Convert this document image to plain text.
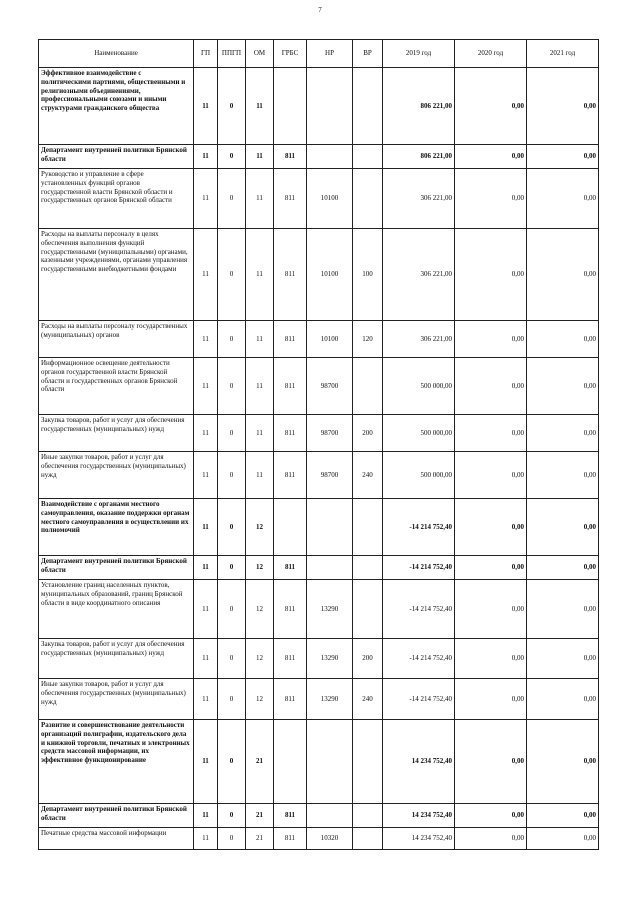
7
Наименование	ГП	ППГП	ОМ	ГРБС	НР	ВР	2019 год	2020 год	2021 год
Эффективное взаимодействие с политическими партиями, общественными и религиозными объединениями, профессиональными союзами и иными структурами гражданского общества	11	0	11				806 221,00	0,00	0,00
Департамент внутренней политики Брянской области	11	0	11	811			806 221,00	0,00	0,00
Руководство и управление в сфере установленных функций органов государственной власти Брянской области и государственных органов Брянской области	11	0	11	811	10100		306 221,00	0,00	0,00
Расходы на выплаты персоналу в целях обеспечения выполнения функций государственными (муниципальными) органами, казенными учреждениями, органами управления государственными внебюджетными фондами	11	0	11	811	10100	100	306 221,00	0,00	0,00
Расходы на выплаты персоналу государственных (муниципальных) органов	11	0	11	811	10100	120	306 221,00	0,00	0,00
Информационное освещение деятельности органов государственной власти Брянской области и государственных органов Брянской области	11	0	11	811	98700		500 000,00	0,00	0,00
Закупка товаров, работ и услуг для обеспечения государственных (муниципальных) нужд	11	0	11	811	98700	200	500 000,00	0,00	0,00
Иные закупки товаров, работ и услуг для обеспечения государственных (муниципальных) нужд	11	0	11	811	98700	240	500 000,00	0,00	0,00
Взаимодействие с органами местного самоуправления, оказание поддержки органам местного самоуправления в осуществлении их полномочий	11	0	12				-14 214 752,40	0,00	0,00
Департамент внутренней политики Брянской области	11	0	12	811			-14 214 752,40	0,00	0,00
Установление границ населенных пунктов, муниципальных образований, границ Брянской области в виде координатного описания	11	0	12	811	13290		-14 214 752,40	0,00	0,00
Закупка товаров, работ и услуг для обеспечения государственных (муниципальных) нужд	11	0	12	811	13290	200	-14 214 752,40	0,00	0,00
Иные закупки товаров, работ и услуг для обеспечения государственных (муниципальных) нужд	11	0	12	811	13290	240	-14 214 752,40	0,00	0,00
Развитие и совершенствование деятельности организаций полиграфии, издательского дела и книжной торговли, печатных и электронных средств массовой информации, их эффективное функционирование	11	0	21				14 234 752,40	0,00	0,00
Департамент внутренней политики Брянской области	11	0	21	811			14 234 752,40	0,00	0,00
Печатные средства массовой информации	11	0	21	811	10320		14 234 752,40	0,00	0,00
